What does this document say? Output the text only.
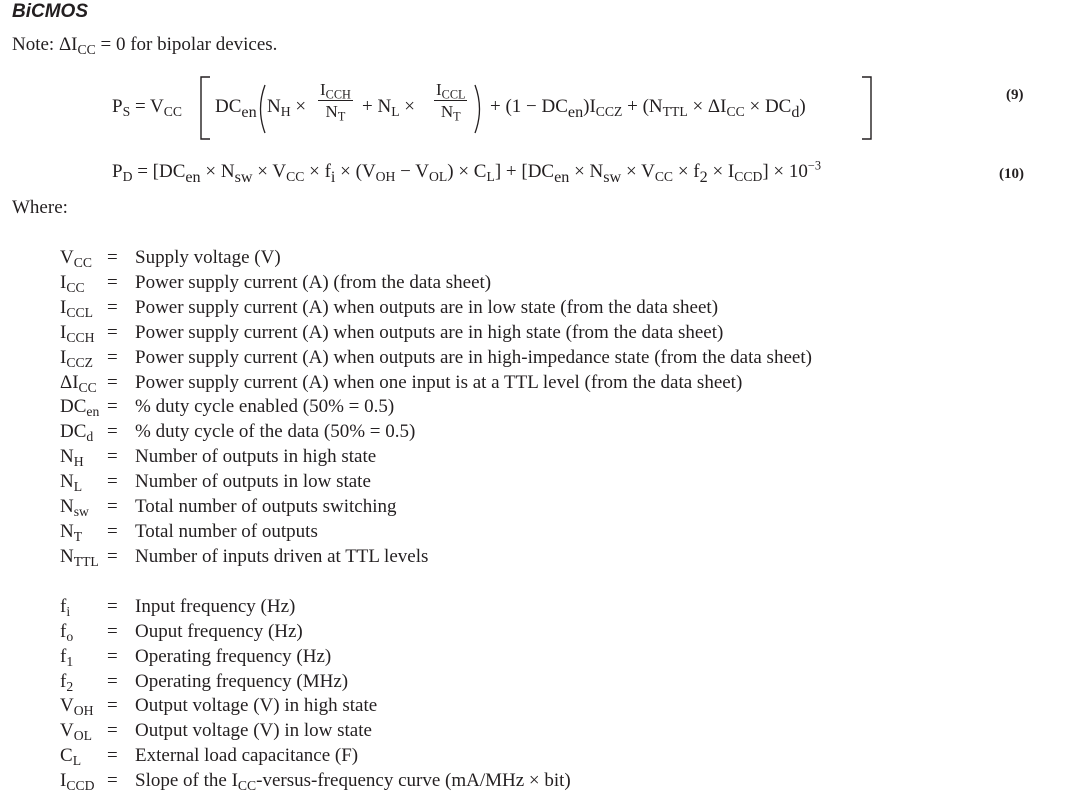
BiCMOS
Note: $\Delta I_{CC} = 0$ for bipolar devices.
$P_S = V_{CC}$ $DC_{en}$ $N_H$ ×
$I_{CCH}$
$N_T + N_L$ ×
$I_{CCL}$
$N_T$	+ $(1 - DC_{en})I_{CCZ} + (N_{TTL} \times \Delta I_{CC} \times DC_d)$
(9)
$P_D = [DC_{en} \times N_{sw} \times V_{CC} \times f_i \times (V_{OH} - V_{OL}) \times C_L] + [DC_{en} \times N_{sw} \times V_{CC} \times f_2 \times I_{CCD}] \times 10^{-3}$
(10)
Where:
$V_{CC}$	=	Supply voltage (V)
$I_{CC}$	=	Power supply current (A) (from the data sheet)
$I_{CCL}$	=	Power supply current (A) when outputs are in low state (from the data sheet)
$I_{CCH}$	=	Power supply current (A) when outputs are in high state (from the data sheet)
$I_{CCZ}$	=	Power supply current (A) when outputs are in high-impedance state (from the data sheet)
$\Delta I_{CC}$	=	Power supply current (A) when one input is at a TTL level (from the data sheet)
$DC_{en}$	=	% duty cycle enabled (50% = 0.5)
$DC_d$	=	% duty cycle of the data (50% = 0.5)
$N_H$	=	Number of outputs in high state
$N_L$	=	Number of outputs in low state
$N_{sw}$	=	Total number of outputs switching
$N_T$	=	Total number of outputs
$N_{TTL}$	=	Number of inputs driven at TTL levels

$f_i$	=	Input frequency (Hz)
$f_o$	=	Ouput frequency (Hz)
$f_1$	=	Operating frequency (Hz)
$f_2$	=	Operating frequency (MHz)
$V_{OH}$	=	Output voltage (V) in high state
$V_{OL}$	=	Output voltage (V) in low state
$C_L$	=	External load capacitance (F)
$I_{CCD}$	=	Slope of the $I_{CC}-versus$-frequency curve (mA/MHz × bit)
